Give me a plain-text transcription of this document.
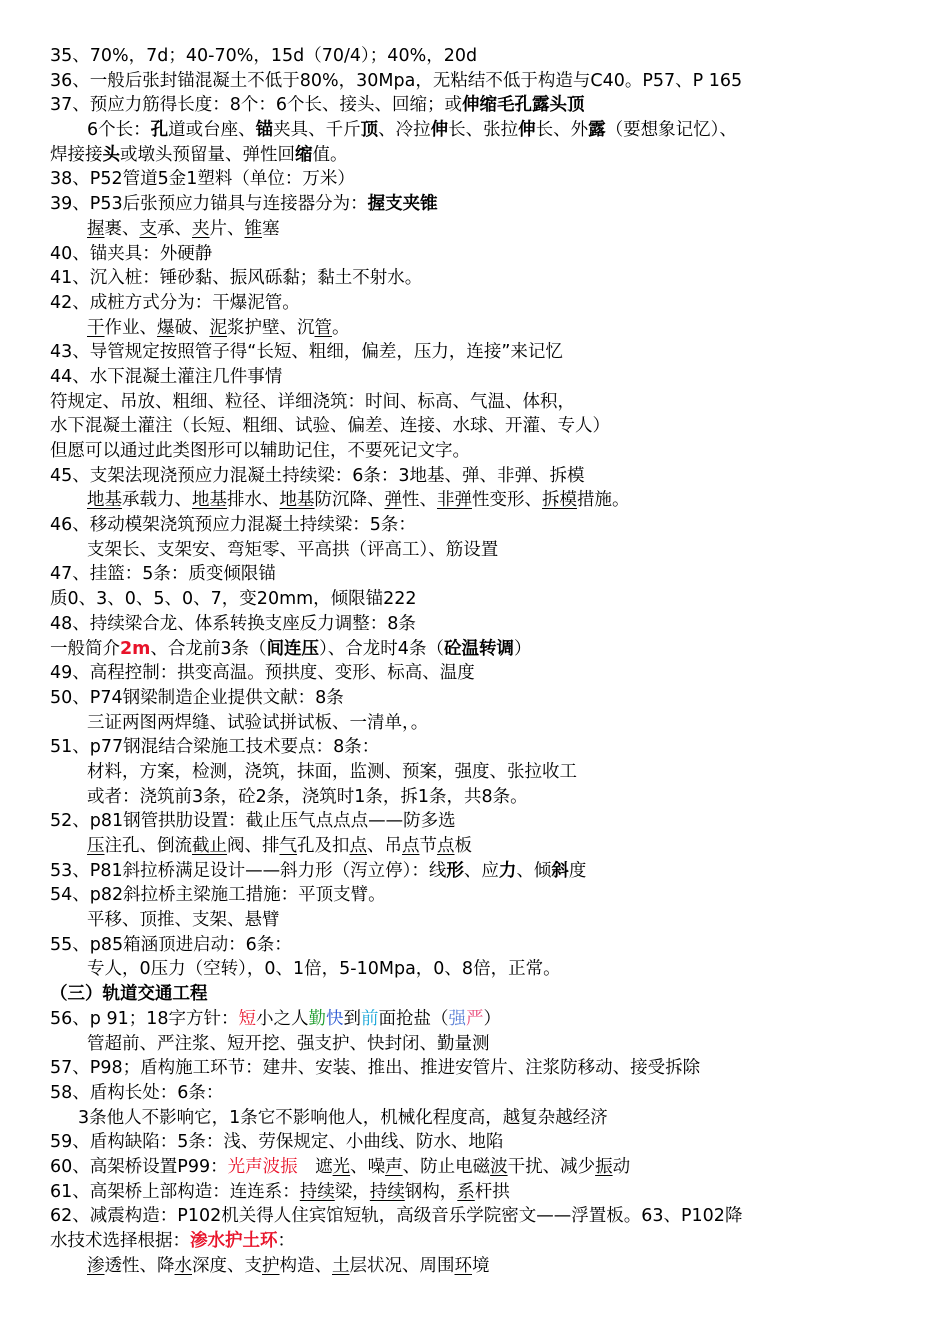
35、70%，7d；40-70%，15d（70/4）；40%，20d
36、一般后张封锚混凝土不低于80%，30Mpa，无粘结不低于构造与C40。P57、P 165
37、预应力筋得长度：8个：6个长、接头、回缩；或伸缩毛孔露头顶
6个长：孔道或台座、锚夹具、千斤顶、冷拉伸长、张拉伸长、外露（要想象记忆）、
焊接接头或墩头预留量、弹性回缩值。
38、P52管道5金1塑料（单位：万米）
39、P53后张预应力锚具与连接器分为：握支夹锥
握裹、支承、夹片、锥塞
40、锚夹具：外硬静
41、沉入桩：锤砂黏、振风砾黏；黏土不射水。
42、成桩方式分为：干爆泥管。
干作业、爆破、泥浆护壁、沉管。
43、导管规定按照管子得“长短、粗细，偏差，压力，连接”来记忆
44、水下混凝土灌注几件事情
符规定、吊放、粗细、粒径、详细浇筑：时间、标高、气温、体积，
水下混凝土灌注（长短、粗细、试验、偏差、连接、水球、开灌、专人）
但愿可以通过此类图形可以辅助记住，不要死记文字。
45、支架法现浇预应力混凝土持续梁：6条：3地基、弹、非弹、拆模
地基承载力、地基排水、地基防沉降、弹性、非弹性变形、拆模措施。
46、移动模架浇筑预应力混凝土持续梁：5条：
支架长、支架安、弯矩零、平高拱（评高工）、筋设置
47、挂篮：5条：质变倾限锚
质0、3、0、5、0、7，变20mm，倾限锚222
48、持续梁合龙、体系转换支座反力调整：8条
一般简介2m、合龙前3条（间连压）、合龙时4条（砼温转调）
49、高程控制：拱变高温。预拱度、变形、标高、温度
50、P74钢梁制造企业提供文献：8条
三证两图两焊缝、试验试拼试板、一清单，。
51、p77钢混结合梁施工技术要点：8条：
材料，方案，检测，浇筑，抹面，监测、预案，强度、张拉收工
或者：浇筑前3条，砼2条，浇筑时1条，拆1条，共8条。
52、p81钢管拱肋设置：截止压气点点点——防多选
压注孔、倒流截止阀、排气孔及扣点、吊点节点板
53、P81斜拉桥满足设计——斜力形（泻立停）：线形、应力、倾斜度
54、p82斜拉桥主梁施工措施：平顶支臂。
平移、顶推、支架、悬臂
55、p85箱涵顶进启动：6条：
专人，0压力（空转），0、1倍，5-10Mpa，0、8倍，正常。
（三）轨道交通工程
56、p 91；18字方针：短小之人勤快到前面抢盐（强严）
管超前、严注浆、短开挖、强支护、快封闭、勤量测
57、P98；盾构施工环节：建井、安装、推出、推进安管片、注浆防移动、接受拆除
58、盾构长处：6条：
3条他人不影响它，1条它不影响他人，机械化程度高，越复杂越经济
59、盾构缺陷：5条：浅、劳保规定、小曲线、防水、地陷
60、高架桥设置P99：光声波振　遮光、噪声、防止电磁波干扰、减少振动
61、高架桥上部构造：连连系：持续梁，持续钢构，系杆拱
62、减震构造：P102机关得人住宾馆短轨，高级音乐学院密文——浮置板。63、P102降
水技术选择根据：渗水护土环：
渗透性、降水深度、支护构造、土层状况、周围环境
